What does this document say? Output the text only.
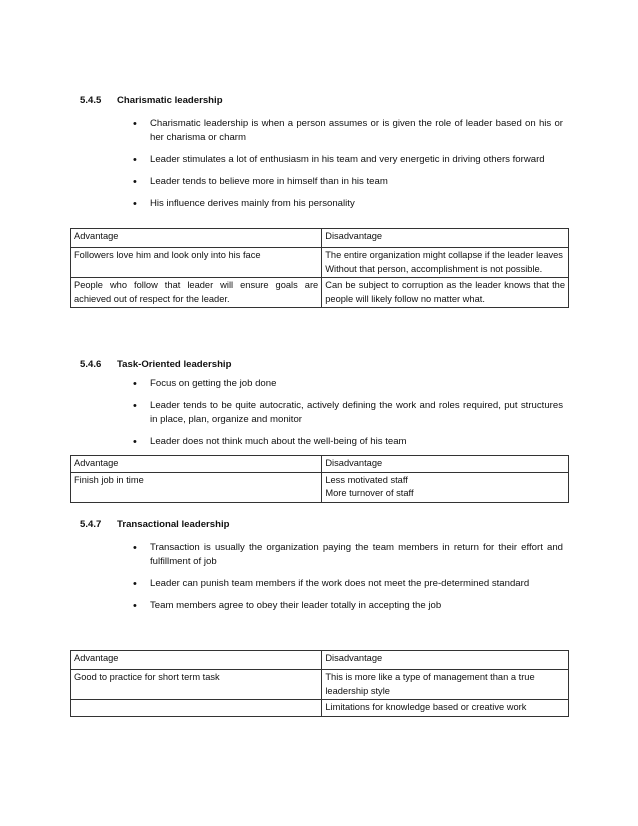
5.4.5 Charismatic leadership
• Charismatic leadership is when a person assumes or is given the role of leader based on his or her charisma or charm
• Leader stimulates a lot of enthusiasm in his team and very energetic in driving others forward
• Leader tends to believe more in himself than in his team
• His influence derives mainly from his personality
Advantage	Disadvantage
Followers love him and look only into his face	The entire organization might collapse if the leader leaves
Without that person, accomplishment is not possible.

People who follow that leader will ensure goals are achieved out of respect for the leader.	Can be subject to corruption as the leader knows that the people will likely follow no matter what.
5.4.6 Task-Oriented leadership
• Focus on getting the job done
• Leader tends to be quite autocratic, actively defining the work and roles required, put structures in place, plan, organize and monitor
• Leader does not think much about the well-being of his team
Advantage	Disadvantage
Finish job in time	Less motivated staff
More turnover of staff
5.4.7 Transactional leadership
• Transaction is usually the organization paying the team members in return for their effort and fulfillment of job
• Leader can punish team members if the work does not meet the pre-determined standard
• Team members agree to obey their leader totally in accepting the job
Advantage	Disadvantage
Good to practice for short term task	This is more like a type of management than a true leadership style

	Limitations for knowledge based or creative work
